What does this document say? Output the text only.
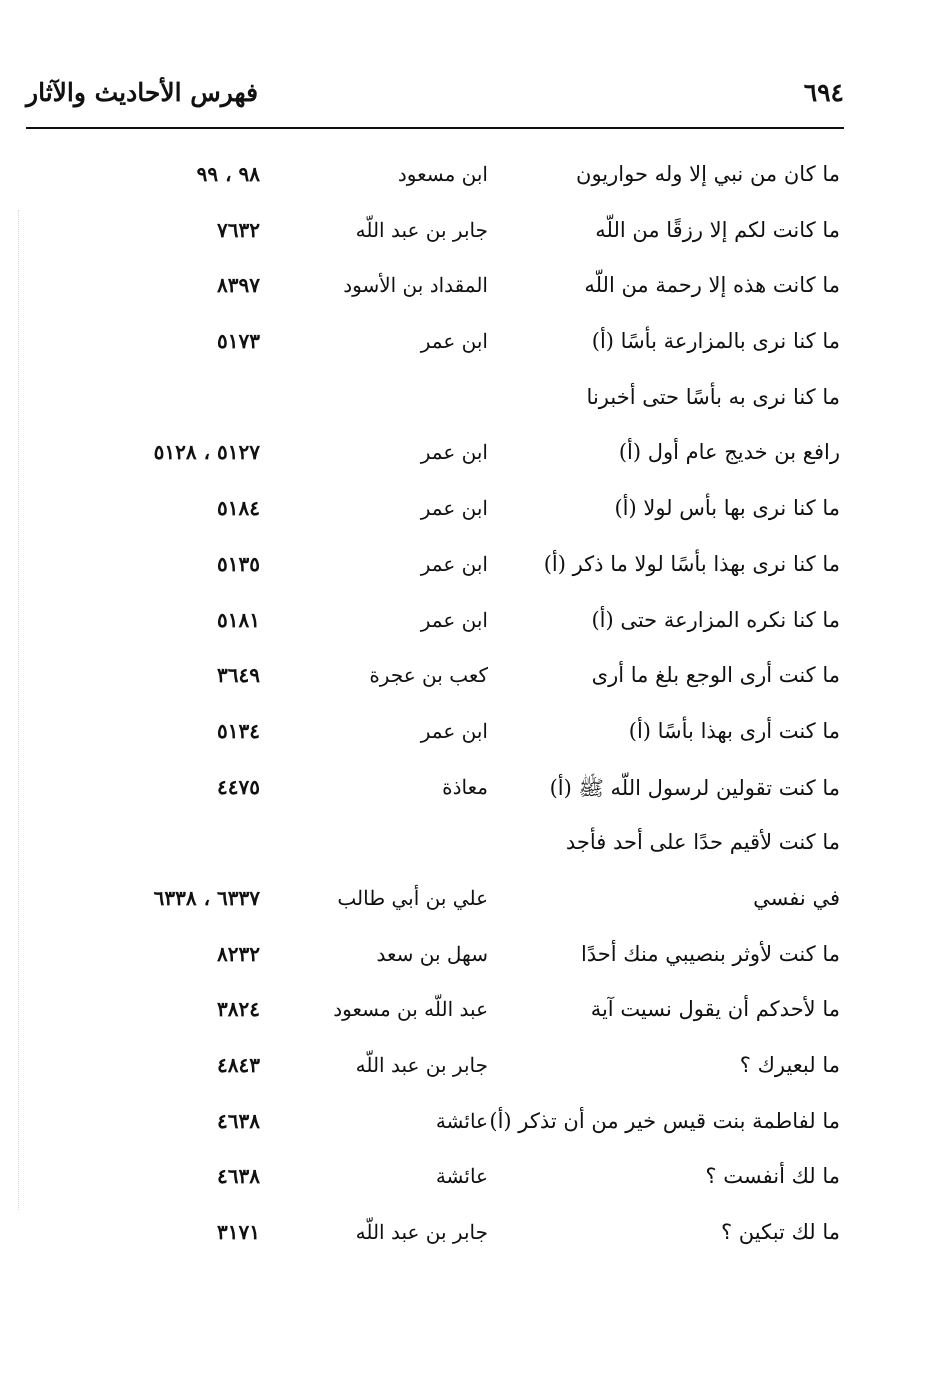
٦٩٤
فهرس الأحاديث والآثار
ما كان من نبي إلا وله حواريون
ابن مسعود
٩٨ ، ٩٩
ما كانت لكم إلا رزقًا من اللّه
جابر بن عبد اللّه
٧٦٣٢
ما كانت هذه إلا رحمة من اللّه
المقداد بن الأسود
٨٣٩٧
ما كنا نرى بالمزارعة بأسًا (أ)
ابن عمر
٥١٧٣
ما كنا نرى به بأسًا حتى أخبرنا
رافع بن خديج عام أول (أ)
ابن عمر
٥١٢٧ ، ٥١٢٨
ما كنا نرى بها بأس لولا (أ)
ابن عمر
٥١٨٤
ما كنا نرى بهذا بأسًا لولا ما ذكر (أ)
ابن عمر
٥١٣٥
ما كنا نكره المزارعة حتى (أ)
ابن عمر
٥١٨١
ما كنت أرى الوجع بلغ ما أرى
كعب بن عجرة
٣٦٤٩
ما كنت أرى بهذا بأسًا (أ)
ابن عمر
٥١٣٤
ما كنت تقولين لرسول اللّه ﷺ (أ)
معاذة
٤٤٧٥
ما كنت لأقيم حدًا على أحد فأجد
في نفسي
علي بن أبي طالب
٦٣٣٧ ، ٦٣٣٨
ما كنت لأوثر بنصيبي منك أحدًا
سهل بن سعد
٨٢٣٢
ما لأحدكم أن يقول نسيت آية
عبد اللّه بن مسعود
٣٨٢٤
ما لبعيرك ؟
جابر بن عبد اللّه
٤٨٤٣
ما لفاطمة بنت قيس خير من أن تذكر (أ)
عائشة
٤٦٣٨
ما لك أنفست ؟
عائشة
٤٦٣٨
ما لك تبكين ؟
جابر بن عبد اللّه
٣١٧١
